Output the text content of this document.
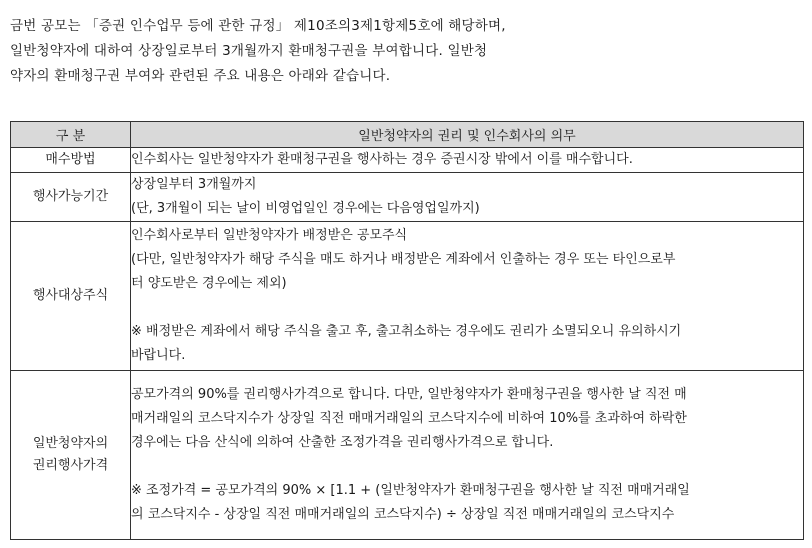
금번 공모는 「증권 인수업무 등에 관한 규정」 제10조의3제1항제5호에 해당하며,

일반청약자에 대하여 상장일로부터 3개월까지 환매청구권을 부여합니다. 일반청

약자의 환매청구권 부여와 관련된 주요 내용은 아래와 같습니다.

구 분	일반청약자의 권리 및 인수회사의 의무
매수방법	인수회사는 일반청약자가 환매청구권을 행사하는 경우 증권시장 밖에서 이를 매수합니다.

행사가능기간	상장일부터 3개월까지
(단, 3개월이 되는 날이 비영업일인 경우에는 다음영업일까지)

행사대상주식	인수회사로부터 일반청약자가 배정받은 공모주식
(다만, 일반청약자가 해당 주식을 매도 하거나 배정받은 계좌에서 인출하는 경우 또는 타인으로부
터 양도받은 경우에는 제외)
※ 배정받은 계좌에서 해당 주식을 출고 후, 출고취소하는 경우에도 권리가 소멸되오니 유의하시기
바랍니다.

일반청약자의
권리행사가격	공모가격의 90%를 권리행사가격으로 합니다. 다만, 일반청약자가 환매청구권을 행사한 날 직전 매
매거래일의 코스닥지수가 상장일 직전 매매거래일의 코스닥지수에 비하여 10%를 초과하여 하락한
경우에는 다음 산식에 의하여 산출한 조정가격을 권리행사가격으로 합니다.
※ 조정가격 = 공모가격의 90% × [1.1 + (일반청약자가 환매청구권을 행사한 날 직전 매매거래일
의 코스닥지수 - 상장일 직전 매매거래일의 코스닥지수) ÷ 상장일 직전 매매거래일의 코스닥지수
